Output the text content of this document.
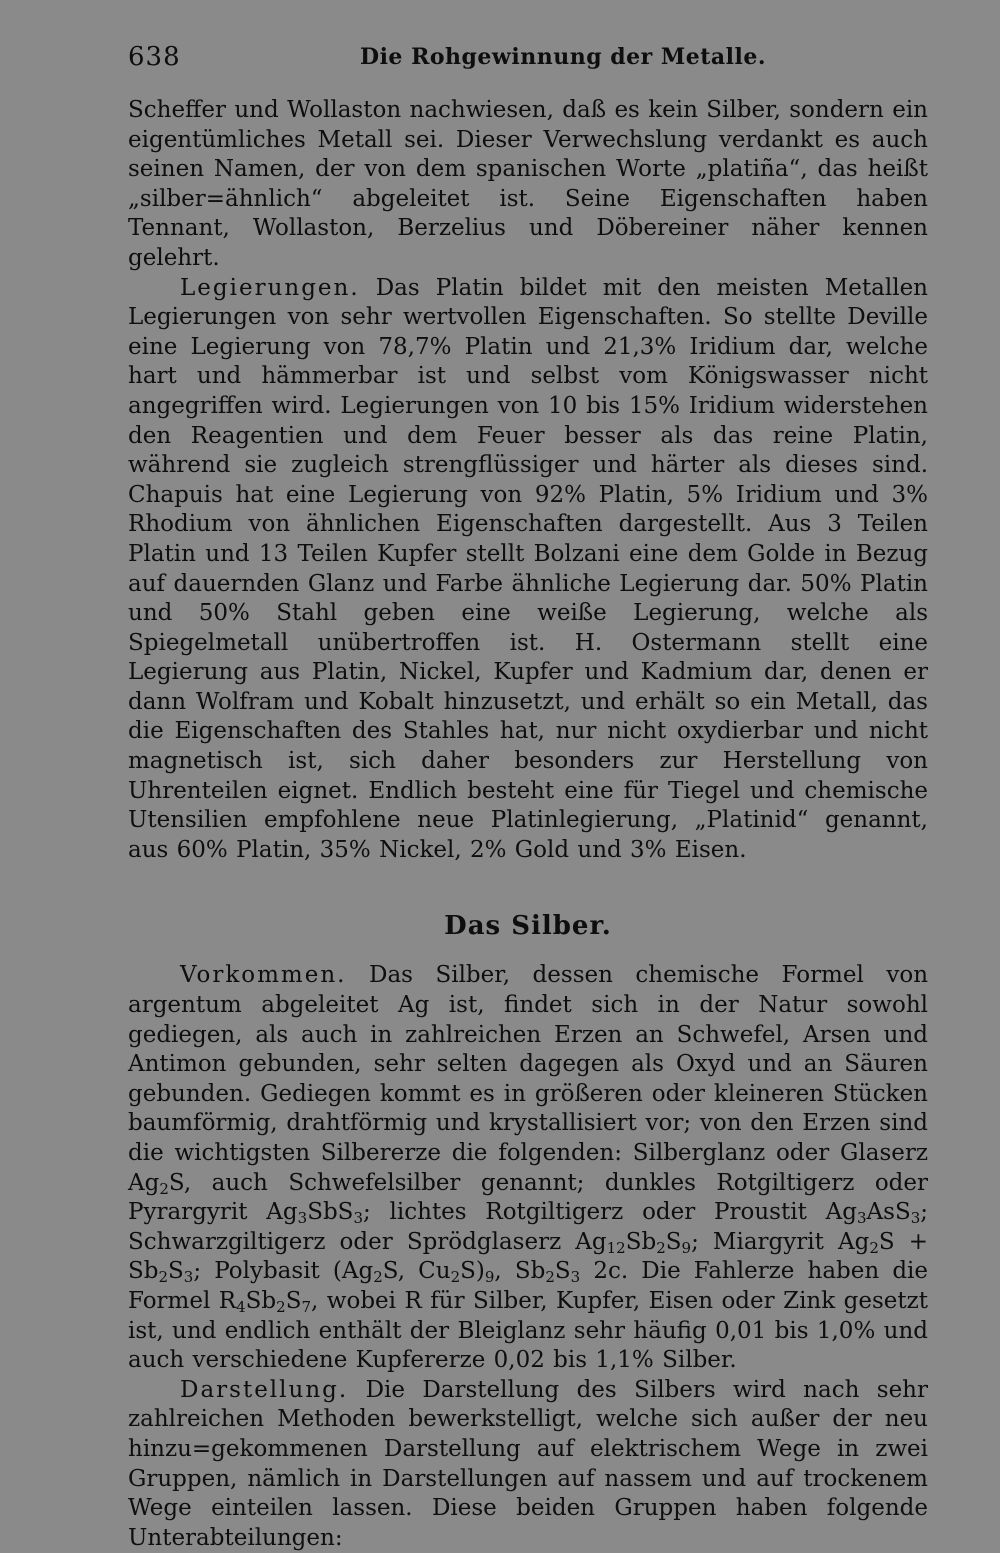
638	Die Rohgewinnung der Metalle.

Scheffer und Wollaston nachwiesen, daß es kein Silber, sondern ein eigentümliches Metall sei. Dieser Verwechslung verdankt es auch seinen Namen, der von dem spanischen Worte „platiña“, das heißt „silber=ähnlich“ abgeleitet ist. Seine Eigenschaften haben Tennant, Wollaston, Berzelius und Döbereiner näher kennen gelehrt.

Legierungen. Das Platin bildet mit den meisten Metallen Legierungen von sehr wertvollen Eigenschaften. So stellte Deville eine Legierung von 78,7% Platin und 21,3% Iridium dar, welche hart und hämmerbar ist und selbst vom Königswasser nicht angegriffen wird. Legierungen von 10 bis 15% Iridium widerstehen den Reagentien und dem Feuer besser als das reine Platin, während sie zugleich strengflüssiger und härter als dieses sind. Chapuis hat eine Legierung von 92% Platin, 5% Iridium und 3% Rhodium von ähnlichen Eigenschaften dargestellt. Aus 3 Teilen Platin und 13 Teilen Kupfer stellt Bolzani eine dem Golde in Bezug auf dauernden Glanz und Farbe ähnliche Legierung dar. 50% Platin und 50% Stahl geben eine weiße Legierung, welche als Spiegelmetall unübertroffen ist. H. Ostermann stellt eine Legierung aus Platin, Nickel, Kupfer und Kadmium dar, denen er dann Wolfram und Kobalt hinzusetzt, und erhält so ein Metall, das die Eigenschaften des Stahles hat, nur nicht oxydierbar und nicht magnetisch ist, sich daher besonders zur Herstellung von Uhrenteilen eignet. Endlich besteht eine für Tiegel und chemische Utensilien empfohlene neue Platinlegierung, „Platinid“ genannt, aus 60% Platin, 35% Nickel, 2% Gold und 3% Eisen.

Das Silber.

Vorkommen. Das Silber, dessen chemische Formel von argentum abgeleitet Ag ist, findet sich in der Natur sowohl gediegen, als auch in zahlreichen Erzen an Schwefel, Arsen und Antimon gebunden, sehr selten dagegen als Oxyd und an Säuren gebunden. Gediegen kommt es in größeren oder kleineren Stücken baumförmig, drahtförmig und krystallisiert vor; von den Erzen sind die wichtigsten Silbererze die folgenden: Silberglanz oder Glaserz $Ag_2S$, auch Schwefelsilber genannt; dunkles Rotgiltigerz oder Pyrargyrit $Ag_3SbS_3$; lichtes Rotgiltigerz oder Proustit $Ag_3AsS_3$; Schwarzgiltigerz oder Sprödglaserz $Ag_{12}Sb_2S_9$; Miargyrit $Ag_2S + Sb_2S_3$; Polybasit ($Ag_2S$, $Cu_2S)_9$, $Sb_2S_3$ 2c. Die Fahlerze haben die Formel $R_4Sb_2S_7$, wobei R für Silber, Kupfer, Eisen oder Zink gesetzt ist, und endlich enthält der Bleiglanz sehr häufig 0,01 bis 1,0% und auch verschiedene Kupfererze 0,02 bis 1,1% Silber.

Darstellung. Die Darstellung des Silbers wird nach sehr zahlreichen Methoden bewerkstelligt, welche sich außer der neu hinzu=gekommenen Darstellung auf elektrischem Wege in zwei Gruppen, nämlich in Darstellungen auf nassem und auf trockenem Wege einteilen lassen. Diese beiden Gruppen haben folgende Unterabteilungen:
